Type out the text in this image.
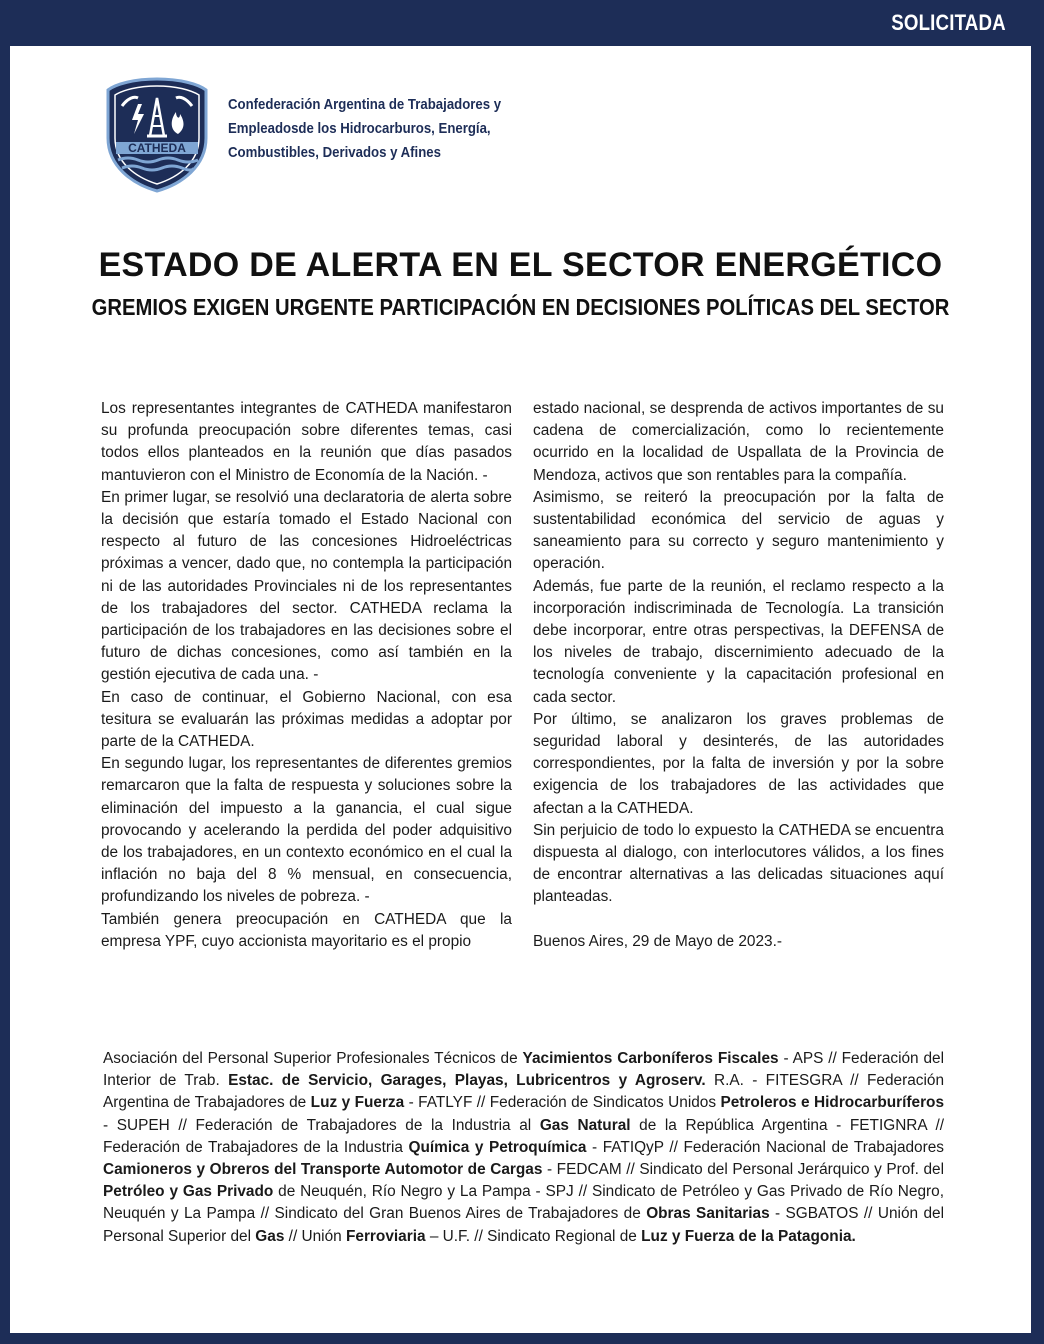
SOLICITADA
CATHEDA
Confederación Argentina de Trabajadores y
Empleadosde los Hidrocarburos, Energía,
Combustibles, Derivados y Afines
ESTADO DE ALERTA EN EL SECTOR ENERGÉTICO
GREMIOS EXIGEN URGENTE PARTICIPACIÓN EN DECISIONES POLÍTICAS DEL SECTOR

Los representantes integrantes de CATHEDA manifestaron su profunda preocupación sobre diferentes temas, casi todos ellos planteados en la reunión que días pasados mantuvieron con el Ministro de Economía de la Nación. -

En primer lugar, se resolvió una declaratoria de alerta sobre la decisión que estaría tomado el Estado Nacional con respecto al futuro de las concesiones Hidroeléctricas próximas a vencer, dado que, no contempla la participación ni de las autoridades Provinciales ni de los representantes de los trabajadores del sector. CATHEDA reclama la participación de los trabajadores en las decisiones sobre el futuro de dichas concesiones, como así también en la gestión ejecutiva de cada una. -

En caso de continuar, el Gobierno Nacional, con esa tesitura se evaluarán las próximas medidas a adoptar por parte de la CATHEDA.

En segundo lugar, los representantes de diferentes gremios remarcaron que la falta de respuesta y soluciones sobre la eliminación del impuesto a la ganancia, el cual sigue provocando y acelerando la perdida del poder adquisitivo de los trabajadores, en un contexto económico en el cual la inflación no baja del 8 % mensual, en consecuencia, profundizando los niveles de pobreza. -

También genera preocupación en CATHEDA que la empresa YPF, cuyo accionista mayoritario es el propio

estado nacional, se desprenda de activos importantes de su cadena de comercialización, como lo recientemente ocurrido en la localidad de Uspallata de la Provincia de Mendoza, activos que son rentables para la compañía.

Asimismo, se reiteró la preocupación por la falta de sustentabilidad económica del servicio de aguas y saneamiento para su correcto y seguro mantenimiento y operación.

Además, fue parte de la reunión, el reclamo respecto a la incorporación indiscriminada de Tecnología. La transición debe incorporar, entre otras perspectivas, la DEFENSA de los niveles de trabajo, discernimiento adecuado de la tecnología conveniente y la capacitación profesional en cada sector.

Por último, se analizaron los graves problemas de seguridad laboral y desinterés, de las autoridades correspondientes, por la falta de inversión y por la sobre exigencia de los trabajadores de las actividades que afectan a la CATHEDA.

Sin perjuicio de todo lo expuesto la CATHEDA se encuentra dispuesta al dialogo, con interlocutores válidos, a los fines de encontrar alternativas a las delicadas situaciones aquí planteadas.

Buenos Aires, 29 de Mayo de 2023.-

Asociación del Personal Superior Profesionales Técnicos de Yacimientos Carboníferos Fiscales - APS // Federación del Interior de Trab. Estac. de Servicio, Garages, Playas, Lubricentros y Agroserv. R.A. - FITESGRA // Federación Argentina de Trabajadores de Luz y Fuerza - FATLYF // Federación de Sindicatos Unidos Petroleros e Hidrocarburíferos - SUPEH // Federación de Trabajadores de la Industria al Gas Natural de la República Argentina - FETIGNRA // Federación de Trabajadores de la Industria Química y Petroquímica - FATIQyP // Federación Nacional de Trabajadores Camioneros y Obreros del Transporte Automotor de Cargas - FEDCAM // Sindicato del Personal Jerárquico y Prof. del Petróleo y Gas Privado de Neuquén, Río Negro y La Pampa - SPJ // Sindicato de Petróleo y Gas Privado de Río Negro, Neuquén y La Pampa // Sindicato del Gran Buenos Aires de Trabajadores de Obras Sanitarias - SGBATOS // Unión del Personal Superior del Gas // Unión Ferroviaria – U.F. // Sindicato Regional de Luz y Fuerza de la Patagonia.
